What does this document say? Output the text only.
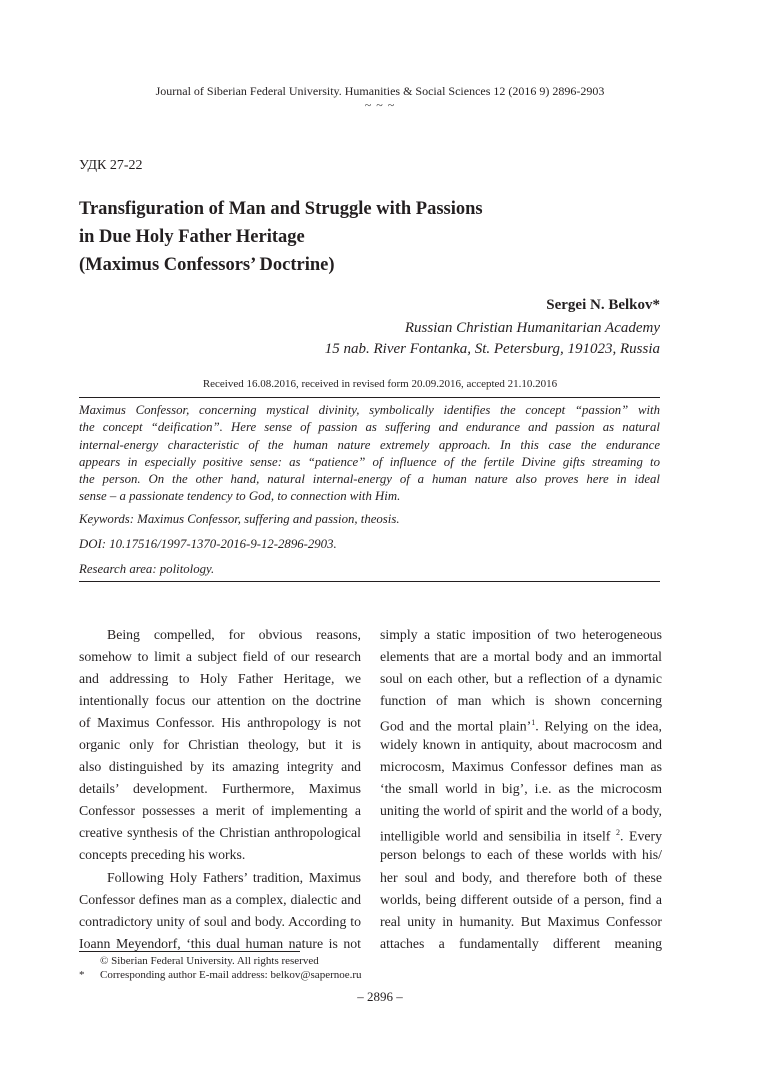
Journal of Siberian Federal University. Humanities & Social Sciences 12 (2016 9) 2896-2903
~ ~ ~
УДК 27-22
Transfiguration of Man and Struggle with Passions
in Due Holy Father Heritage
(Maximus Confessors’ Doctrine)
Sergei N. Belkov*
Russian Christian Humanitarian Academy
15 nab. River Fontanka, St. Petersburg, 191023, Russia
Received 16.08.2016, received in revised form 20.09.2016, accepted 21.10.2016
Maximus Confessor, concerning mystical divinity, symbolically identifies the concept “passion” with
the concept “deification”. Here sense of passion as suffering and endurance and passion as natural
internal-energy characteristic of the human nature extremely approach. In this case the endurance
appears in especially positive sense: as “patience” of influence of the fertile Divine gifts streaming to
the person. On the other hand, natural internal-energy of a human nature also proves here in ideal
sense – a passionate tendency to God, to connection with Him.
Keywords: Maximus Confessor, suffering and passion, theosis.
DOI: 10.17516/1997-1370-2016-9-12-2896-2903.
Research area: politology.
Being compelled, for obvious reasons,
somehow to limit a subject field of our research
and addressing to Holy Father Heritage, we
intentionally focus our attention on the doctrine
of Maximus Confessor. His anthropology is not
organic only for Christian theology, but it is
also distinguished by its amazing integrity and
details’ development. Furthermore, Maximus
Confessor possesses a merit of implementing a
creative synthesis of the Christian anthropological
concepts preceding his works.
Following Holy Fathers’ tradition, Maximus
Confessor defines man as a complex, dialectic and
contradictory unity of soul and body. According to
Ioann Meyendorf, ‘this dual human nature is not
simply a static imposition of two heterogeneous
elements that are a mortal body and an immortal
soul on each other, but a reflection of a dynamic
function of man which is shown concerning
God and the mortal plain’$^1$. Relying on the idea,
widely known in antiquity, about macrocosm and
microcosm, Maximus Confessor defines man as
‘the small world in big’, i.e. as the microcosm
uniting the world of spirit and the world of a body,
intelligible world and sensibilia in itself $^2$. Every
person belongs to each of these worlds with his/
her soul and body, and therefore both of these
worlds, being different outside of a person, find a
real unity in humanity. But Maximus Confessor
attaches a fundamentally different meaning
© Siberian Federal University. All rights reserved
* Corresponding author E-mail address: belkov@sapernoe.ru
– 2896 –
